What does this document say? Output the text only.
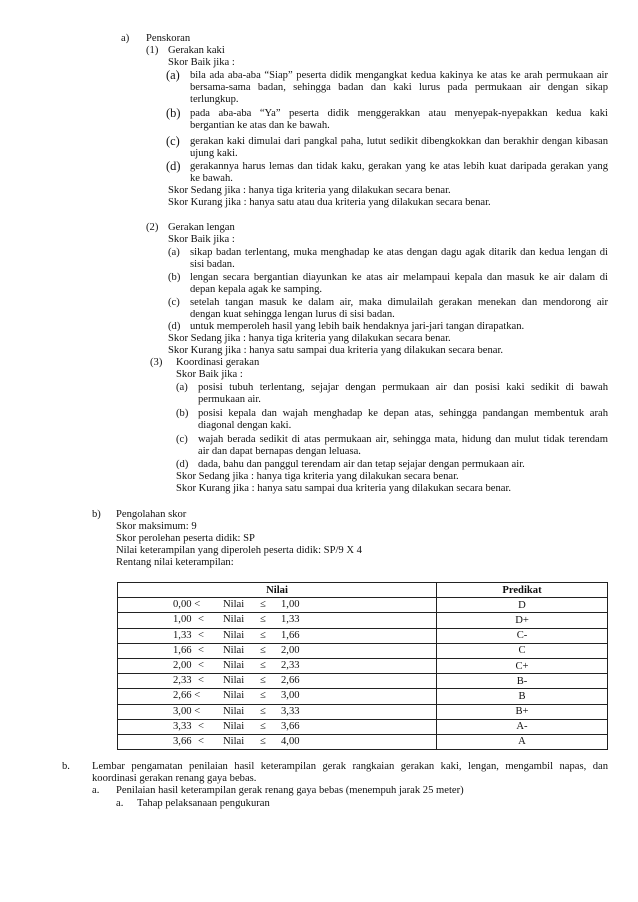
a) Penskoran
(1) Gerakan kaki
Skor Baik jika :
(a) bila ada aba-aba “Siap” peserta didik mengangkat kedua kakinya ke atas ke arah permukaan air
bersama-sama badan, sehingga badan dan kaki lurus pada permukaan air dengan sikap
terlungkup.
(b) pada aba-aba “Ya” peserta didik menggerakkan atau menyepak-nyepakkan kedua kaki
bergantian ke atas dan ke bawah.
(c) gerakan kaki dimulai dari pangkal paha, lutut sedikit dibengkokkan dan berakhir dengan kibasan
ujung kaki.
(d) gerakannya harus lemas dan tidak kaku, gerakan yang ke atas lebih kuat daripada gerakan yang
ke bawah.
Skor Sedang jika : hanya tiga kriteria yang dilakukan secara benar.
Skor Kurang jika : hanya satu atau dua kriteria yang dilakukan secara benar.
(2) Gerakan lengan
Skor Baik jika :
(a) sikap badan terlentang, muka menghadap ke atas dengan dagu agak ditarik dan kedua lengan di
sisi badan.
(b) lengan secara bergantian diayunkan ke atas air melampaui kepala dan masuk ke air dalam di
depan kepala agak ke samping.
(c) setelah tangan masuk ke dalam air, maka dimulailah gerakan menekan dan mendorong air
dengan kuat sehingga lengan lurus di sisi badan.
(d) untuk memperoleh hasil yang lebih baik hendaknya jari-jari tangan dirapatkan.
Skor Sedang jika : hanya tiga kriteria yang dilakukan secara benar.
Skor Kurang jika : hanya satu sampai dua kriteria yang dilakukan secara benar.
(3) Koordinasi gerakan
Skor Baik jika :
(a) posisi tubuh terlentang, sejajar dengan permukaan air dan posisi kaki sedikit di bawah
permukaan air.
(b) posisi kepala dan wajah menghadap ke depan atas, sehingga pandangan membentuk arah
diagonal dengan kaki.
(c) wajah berada sedikit di atas permukaan air, sehingga mata, hidung dan mulut tidak terendam
air dan dapat bernapas dengan leluasa.
(d) dada, bahu dan panggul terendam air dan tetap sejajar dengan permukaan air.
Skor Sedang jika : hanya tiga kriteria yang dilakukan secara benar.
Skor Kurang jika : hanya satu sampai dua kriteria yang dilakukan secara benar.
b) Pengolahan skor
Skor maksimum: 9
Skor perolehan peserta didik: SP
Nilai keterampilan yang diperoleh peserta didik: SP/9 X 4
Rentang nilai keterampilan:
Nilai	Predikat

0,00 < Nilai ≤ 1,00	D

1,00 < Nilai ≤ 1,33	D+

1,33 < Nilai ≤ 1,66	C-

1,66 < Nilai ≤ 2,00	C

2,00 < Nilai ≤ 2,33	C+

2,33 < Nilai ≤ 2,66	B-

2,66 < Nilai ≤ 3,00	B

3,00 < Nilai ≤ 3,33	B+

3,33 < Nilai ≤ 3,66	A-

3,66 < Nilai ≤ 4,00	A
b. Lembar pengamatan penilaian hasil keterampilan gerak rangkaian gerakan kaki, lengan, mengambil napas, dan
koordinasi gerakan renang gaya bebas.
a. Penilaian hasil keterampilan gerak renang gaya bebas (menempuh jarak 25 meter)
a. Tahap pelaksanaan pengukuran
